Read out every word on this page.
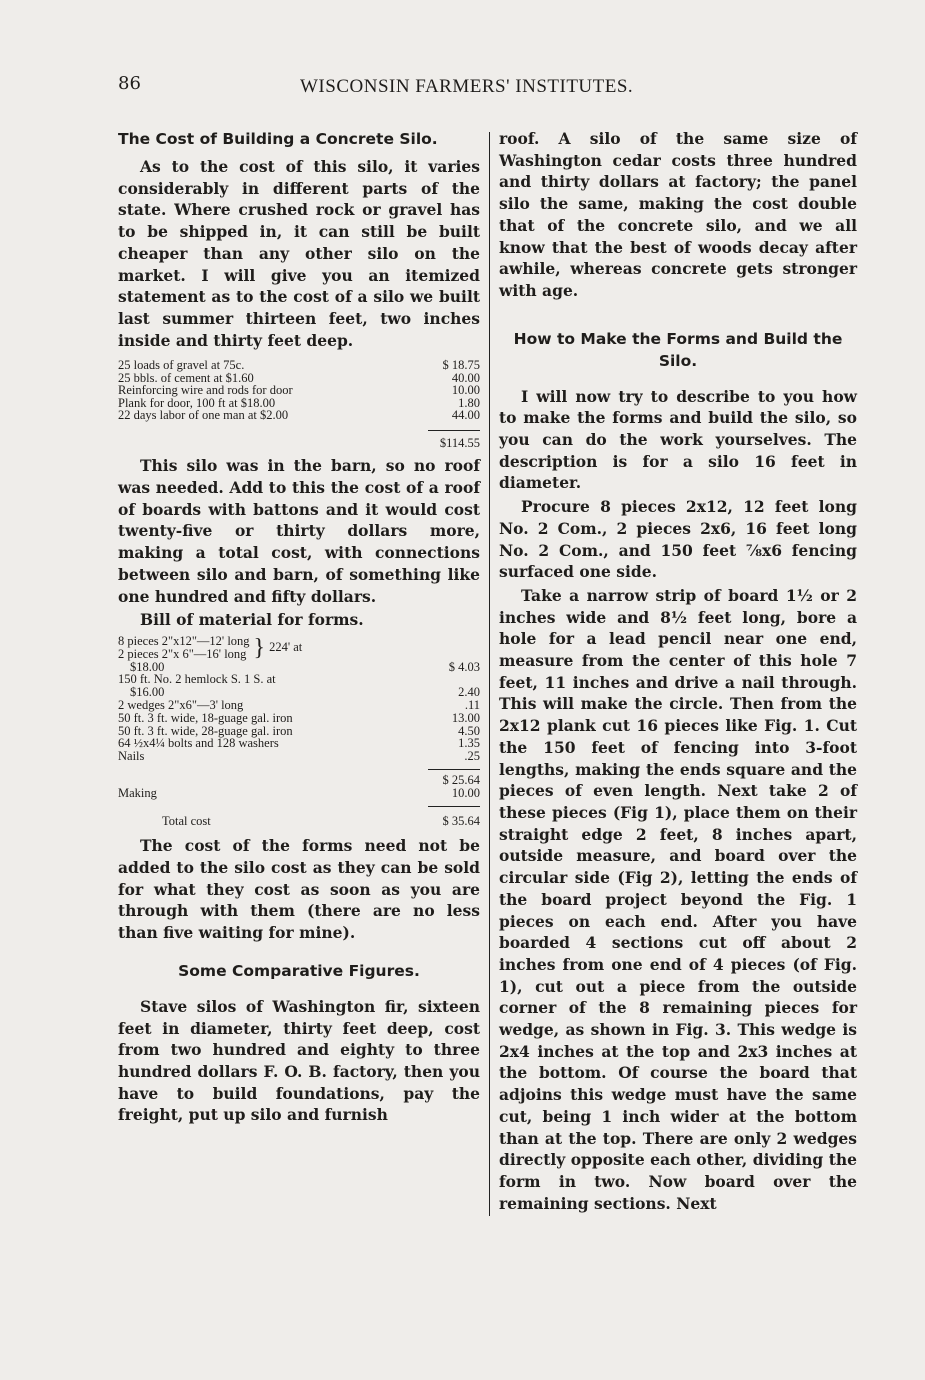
86	WISCONSIN FARMERS' INSTITUTES.
The Cost of Building a Concrete Silo.

As to the cost of this silo, it varies considerably in different parts of the state. Where crushed rock or gravel has to be shipped in, it can still be built cheaper than any other silo on the market. I will give you an itemized statement as to the cost of a silo we built last summer thirteen feet, two inches inside and thirty feet deep.

25 loads of gravel at 75c.	$ 18.75
25 bbls. of cement at $1.60	40.00
Reinforcing wire and rods for door	10.00
Plank for door, 100 ft at $18.00	1.80
22 days labor of one man at $2.00	44.00
$114.55

This silo was in the barn, so no roof was needed. Add to this the cost of a roof of boards with battons and it would cost twenty-five or thirty dollars more, making a total cost, with connections between silo and barn, of something like one hundred and fifty dollars.

Bill of material for forms.

8 pieces 2"x12"—12' long
2 pieces 2"x 6"—16' long } 224' at
$18.00	$ 4.03
150 ft. No. 2 hemlock S. 1 S. at
$16.00	2.40
2 wedges 2"x6"—3' long	.11
50 ft. 3 ft. wide, 18-guage gal. iron	13.00
50 ft. 3 ft. wide, 28-guage gal. iron	4.50
64 ½x4¼ bolts and 128 washers	1.35
Nails	.25
$ 25.64
Making	10.00
Total cost	$ 35.64

The cost of the forms need not be added to the silo cost as they can be sold for what they cost as soon as you are through with them (there are no less than five waiting for mine).

Some Comparative Figures.

Stave silos of Washington fir, sixteen feet in diameter, thirty feet deep, cost from two hundred and eighty to three hundred dollars F. O. B. factory, then you have to build foundations, pay the freight, put up silo and furnish

roof. A silo of the same size of Washington cedar costs three hundred and thirty dollars at factory; the panel silo the same, making the cost double that of the concrete silo, and we all know that the best of woods decay after awhile, whereas concrete gets stronger with age.

How to Make the Forms and Build the Silo.

I will now try to describe to you how to make the forms and build the silo, so you can do the work yourselves. The description is for a silo 16 feet in diameter.

Procure 8 pieces 2x12, 12 feet long No. 2 Com., 2 pieces 2x6, 16 feet long No. 2 Com., and 150 feet ⅞x6 fencing surfaced one side.

Take a narrow strip of board 1½ or 2 inches wide and 8½ feet long, bore a hole for a lead pencil near one end, measure from the center of this hole 7 feet, 11 inches and drive a nail through. This will make the circle. Then from the 2x12 plank cut 16 pieces like Fig. 1. Cut the 150 feet of fencing into 3-foot lengths, making the ends square and the pieces of even length. Next take 2 of these pieces (Fig 1), place them on their straight edge 2 feet, 8 inches apart, outside measure, and board over the circular side (Fig 2), letting the ends of the board project beyond the Fig. 1 pieces on each end. After you have boarded 4 sections cut off about 2 inches from one end of 4 pieces (of Fig. 1), cut out a piece from the outside corner of the 8 remaining pieces for wedge, as shown in Fig. 3. This wedge is 2x4 inches at the top and 2x3 inches at the bottom. Of course the board that adjoins this wedge must have the same cut, being 1 inch wider at the bottom than at the top. There are only 2 wedges directly opposite each other, dividing the form in two. Now board over the remaining sections. Next
